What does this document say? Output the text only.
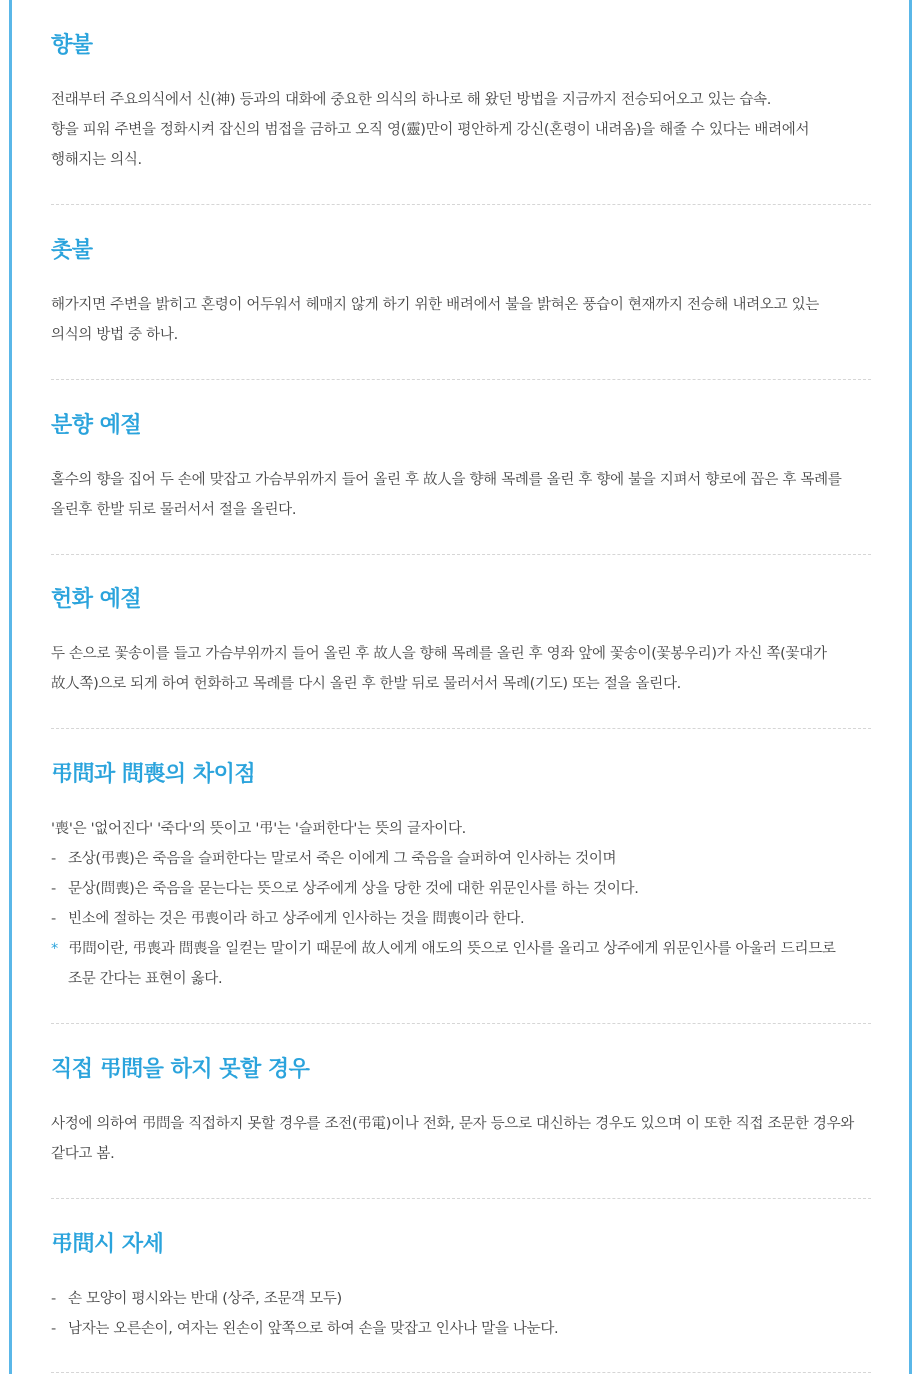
향불

전래부터 주요의식에서 신(神) 등과의 대화에 중요한 의식의 하나로 해 왔던 방법을 지금까지 전승되어오고 있는 습속.

향을 피워 주변을 정화시켜 잡신의 범접을 금하고 오직 영(靈)만이 평안하게 강신(혼령이 내려옴)을 해줄 수 있다는 배려에서

행해지는 의식.

촛불

해가지면 주변을 밝히고 혼령이 어두워서 헤매지 않게 하기 위한 배려에서 불을 밝혀온 풍습이 현재까지 전승해 내려오고 있는

의식의 방법 중 하나.

분향 예절

홀수의 향을 집어 두 손에 맞잡고 가슴부위까지 들어 올린 후 故人을 향해 목례를 올린 후 향에 불을 지펴서 향로에 꼽은 후 목례를

올린후 한발 뒤로 물러서서 절을 올린다.

헌화 예절

두 손으로 꽃송이를 들고 가슴부위까지 들어 올린 후 故人을 향해 목례를 올린 후 영좌 앞에 꽃송이(꽃봉우리)가 자신 쪽(꽃대가

故人쪽)으로 되게 하여 헌화하고 목례를 다시 올린 후 한발 뒤로 물러서서 목례(기도) 또는 절을 올린다.

弔問과 問喪의 차이점

'喪'은 '없어진다' '죽다'의 뜻이고 '弔'는 '슬퍼한다'는 뜻의 글자이다.

- 조상(弔喪)은 죽음을 슬퍼한다는 말로서 죽은 이에게 그 죽음을 슬퍼하여 인사하는 것이며
- 문상(問喪)은 죽음을 묻는다는 뜻으로 상주에게 상을 당한 것에 대한 위문인사를 하는 것이다.
- 빈소에 절하는 것은 弔喪이라 하고 상주에게 인사하는 것을 問喪이라 한다.
* 弔問이란, 弔喪과 問喪을 일컫는 말이기 때문에 故人에게 애도의 뜻으로 인사를 올리고 상주에게 위문인사를 아울러 드리므로
조문 간다는 표현이 옳다.
직접 弔問을 하지 못할 경우

사정에 의하여 弔問을 직접하지 못할 경우를 조전(弔電)이나 전화, 문자 등으로 대신하는 경우도 있으며 이 또한 직접 조문한 경우와

같다고 봄.

弔問시 자세
- 손 모양이 평시와는 반대 (상주, 조문객 모두)
- 남자는 오른손이, 여자는 왼손이 앞쪽으로 하여 손을 맞잡고 인사나 말을 나눈다.
